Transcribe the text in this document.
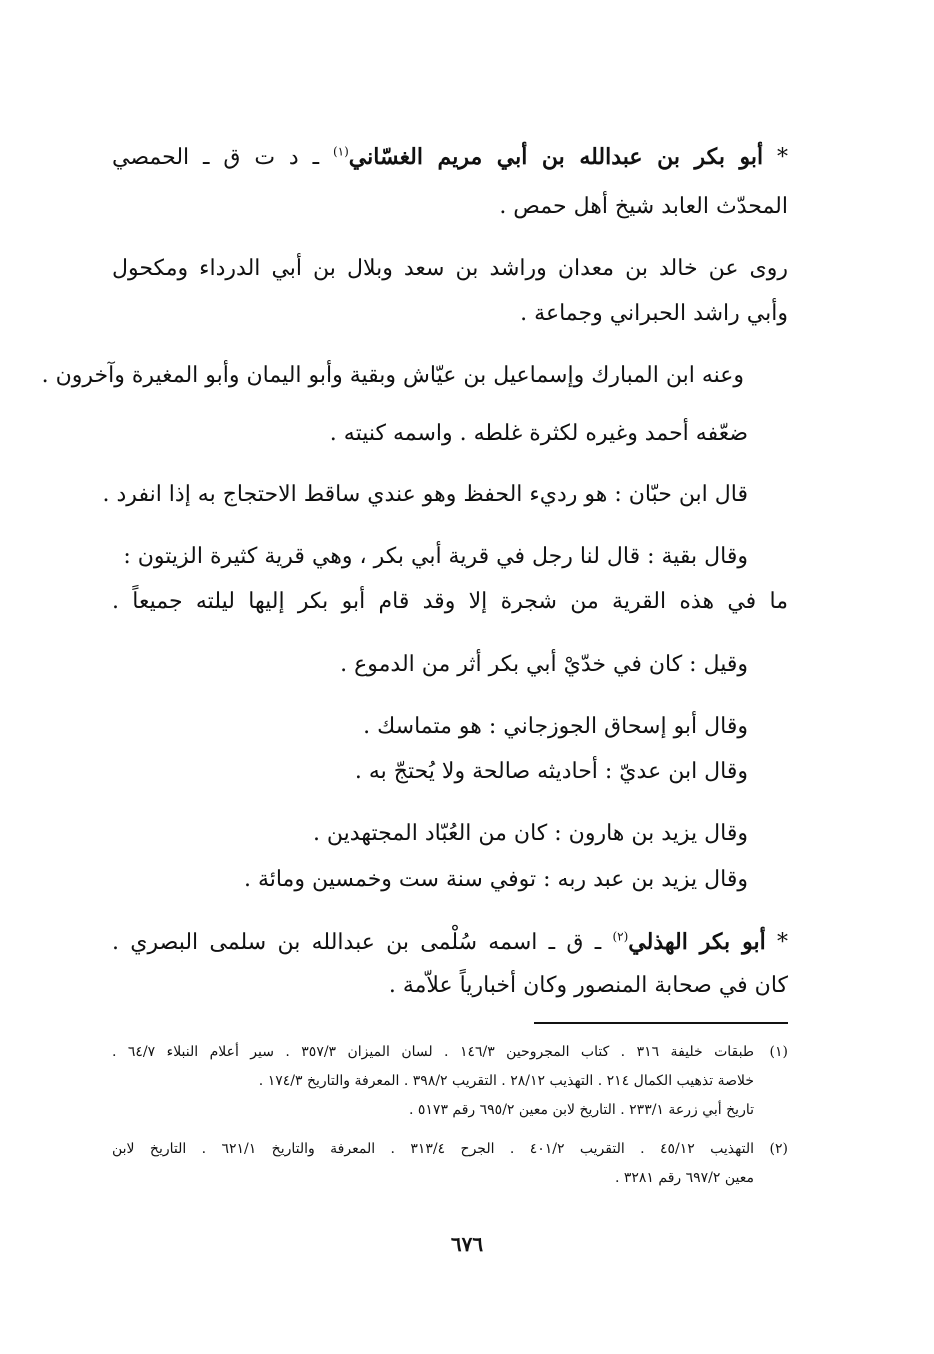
* أبو بكر بن عبدالله بن أبي مريم الغسّاني$^{(١)}$ ـ د ت ق ـ الحمصي
المحدّث العابد شيخ أهل حمص .
روى عن خالد بن معدان وراشد بن سعد وبلال بن أبي الدرداء ومكحول
وأبي راشد الحبراني وجماعة .
وعنه ابن المبارك وإسماعيل بن عيّاش وبقية وأبو اليمان وأبو المغيرة وآخرون .
ضعّفه أحمد وغيره لكثرة غلطه . واسمه كنيته .
قال ابن حبّان : هو رديء الحفظ وهو عندي ساقط الاحتجاج به إذا انفرد .
وقال بقية : قال لنا رجل في قرية أبي بكر ، وهي قرية كثيرة الزيتون :
ما في هذه القرية من شجرة إلا وقد قام أبو بكر إليها ليلته جميعاً .
وقيل : كان في خدّيْ أبي بكر أثر من الدموع .
وقال أبو إسحاق الجوزجاني : هو متماسك .
وقال ابن عديّ : أحاديثه صالحة ولا يُحتجّ به .
وقال يزيد بن هارون : كان من العُبّاد المجتهدين .
وقال يزيد بن عبد ربه : توفي سنة ست وخمسين ومائة .
* أبو بكر الهذلي$^{(٢)}$ ـ ق ـ اسمه سُلْمى بن عبدالله بن سلمى البصري .
كان في صحابة المنصور وكان أخبارياً علاّمة .
(١)طبقات خليفة ٣١٦ . كتاب المجروحين ١٤٦/٣ . لسان الميزان ٣٥٧/٣ . سير أعلام النبلاء ٦٤/٧ .
خلاصة تذهيب الكمال ٢١٤ . التهذيب ٢٨/١٢ . التقريب ٣٩٨/٢ . المعرفة والتاريخ ١٧٤/٣ .
تاريخ أبي زرعة ٢٣٣/١ . التاريخ لابن معين ٦٩٥/٢ رقم ٥١٧٣ .
(٢)التهذيب ٤٥/١٢ . التقريب ٤٠١/٢ . الجرح ٣١٣/٤ . المعرفة والتاريخ ٦٢١/١ . التاريخ لابن
معين ٦٩٧/٢ رقم ٣٢٨١ .
٦٧٦
